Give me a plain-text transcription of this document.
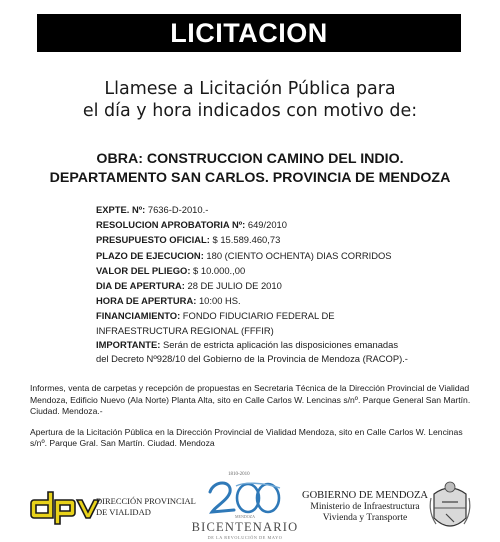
LICITACION
Llamese a Licitación Pública para
el día y hora indicados con motivo de:
OBRA: CONSTRUCCION CAMINO DEL INDIO.
DEPARTAMENTO SAN CARLOS. PROVINCIA DE MENDOZA
EXPTE. Nº: 7636-D-2010.-
RESOLUCION APROBATORIA Nº: 649/2010
PRESUPUESTO OFICIAL: $ 15.589.460,73
PLAZO DE EJECUCION: 180 (CIENTO OCHENTA) DIAS CORRIDOS
VALOR DEL PLIEGO: $ 10.000.,00
DIA DE APERTURA: 28 DE JULIO DE 2010
HORA DE APERTURA: 10:00 HS.
FINANCIAMIENTO: FONDO FIDUCIARIO FEDERAL DE
INFRAESTRUCTURA REGIONAL (FFFIR)
IMPORTANTE: Serán de estricta aplicación las disposiciones emanadas
del Decreto Nº928/10 del Gobierno de la Provincia de Mendoza (RACOP).-

Informes, venta de carpetas y recepción de propuestas en Secretaria Técnica de la Dirección Provincial de Vialidad Mendoza, Edificio Nuevo (Ala Norte) Planta Alta, sito en Calle Carlos W. Lencinas s/nº. Parque General San Martín. Ciudad. Mendoza.-

Apertura de la Licitación Pública en la Dirección Provincial de Vialidad Mendoza, sito en Calle Carlos W. Lencinas s/nº. Parque Gral. San Martín. Ciudad. Mendoza

DIRECCIÓN PROVINCIAL
DE VIALIDAD
1810-2010
MENDOZA
BICENTENARIO
DE LA REVOLUCIÓN DE MAYO
GOBIERNO DE MENDOZA
Ministerio de Infraestructura
Vivienda y Transporte
